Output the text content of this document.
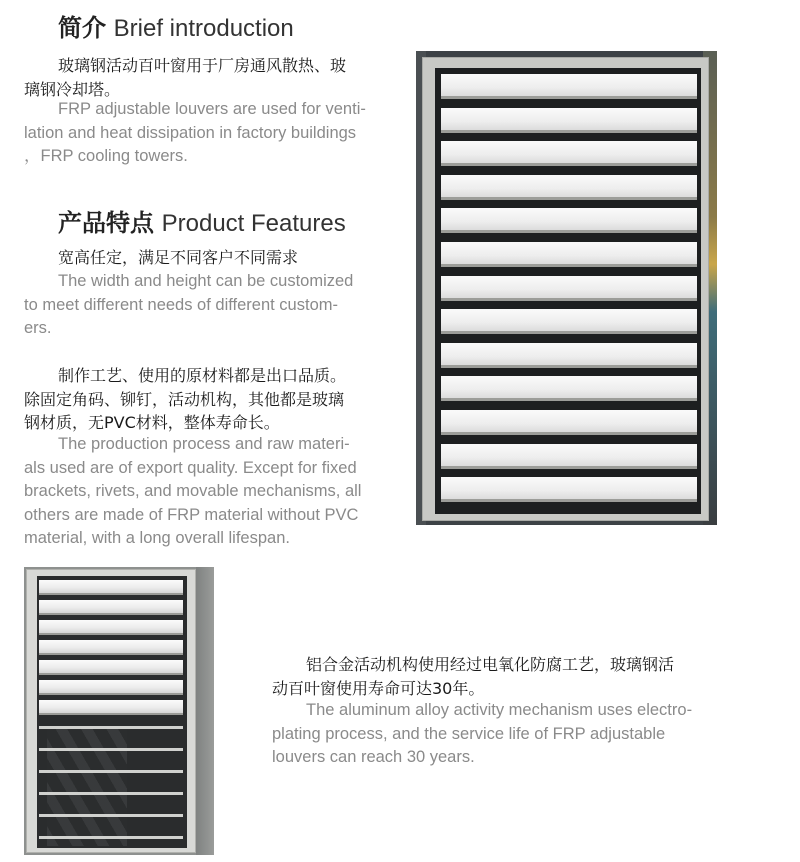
简介 Brief introduction
玻璃钢活动百叶窗用于厂房通风散热、玻
璃钢冷却塔。
FRP adjustable louvers are used for venti-
lation and heat dissipation in factory buildings
，FRP cooling towers.
产品特点 Product Features
宽高任定，满足不同客户不同需求
The width and height can be customized
to meet different needs of different custom-
ers.
制作工艺、使用的原材料都是出口品质。
除固定角码、铆钉，活动机构，其他都是玻璃
钢材质，无PVC材料，整体寿命长。
The production process and raw materi-
als used are of export quality. Except for fixed
brackets, rivets, and movable mechanisms, all
others are made of FRP material without PVC
material, with a long overall lifespan.
铝合金活动机构使用经过电氧化防腐工艺，玻璃钢活
动百叶窗使用寿命可达30年。
The aluminum alloy activity mechanism uses electro-
plating process, and the service life of FRP adjustable
louvers can reach 30 years.
